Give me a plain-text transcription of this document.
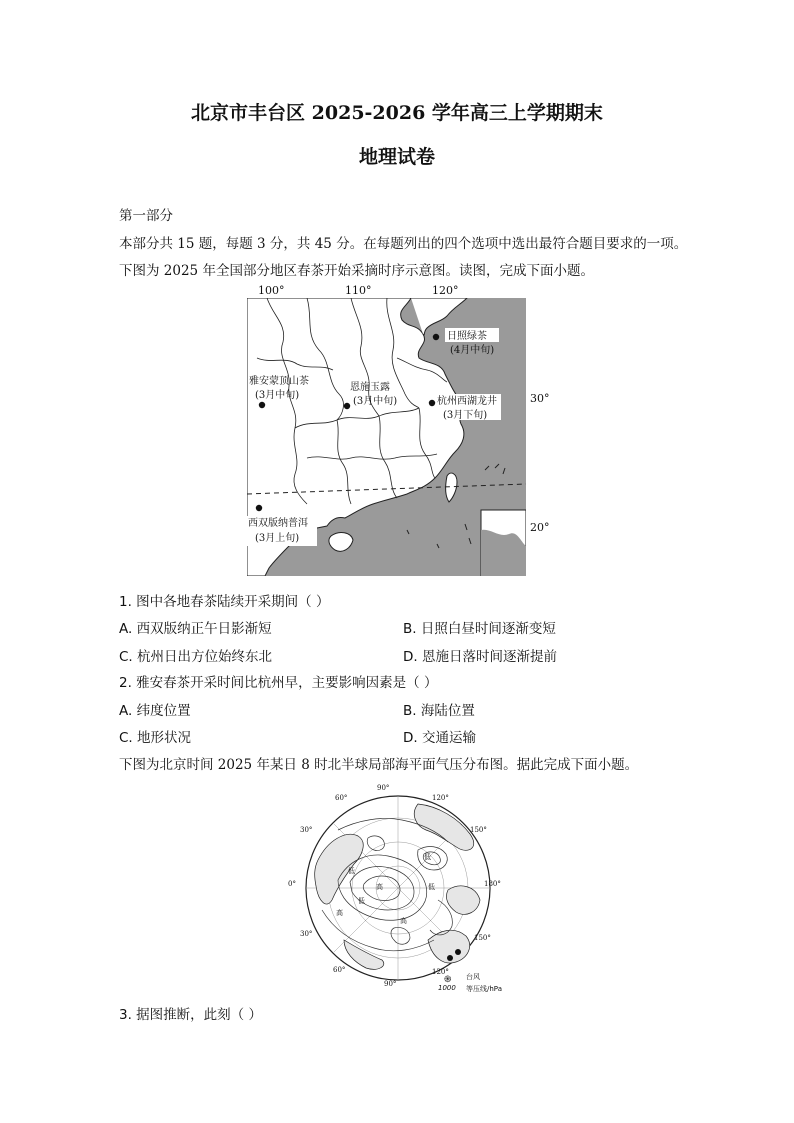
北京市丰台区 2025-2026 学年高三上学期期末
地理试卷
第一部分
本部分共 15 题，每题 3 分，共 45 分。在每题列出的四个选项中选出最符合题目要求的一项。
下图为 2025 年全国部分地区春茶开始采摘时序示意图。读图，完成下面小题。
日照绿茶
(4月中旬)
雅安蒙顶山茶
(3月中旬)
恩施玉露
(3月中旬)	杭州西湖龙井
(3月下旬)
西双版纳普洱
(3月上旬)
100°	110°	120°
30°
20°
1. 图中各地春茶陆续开采期间（ ）
A. 西双版纳正午日影渐短	B. 日照白昼时间逐渐变短
C. 杭州日出方位始终东北	D. 恩施日落时间逐渐提前
2. 雅安春茶开采时间比杭州早，主要影响因素是（ ）
A. 纬度位置	B. 海陆位置
C. 地形状况	D. 交通运输
下图为北京时间 2025 年某日 8 时北半球局部海平面气压分布图。据此完成下面小题。
60°
90°
120°
150°
180°
150°
120°
90°
60°
30°
0°
30°
低
高	低
高
低
高
低
֍ 台风
1000 等压线/hPa
3. 据图推断，此刻（ ）
